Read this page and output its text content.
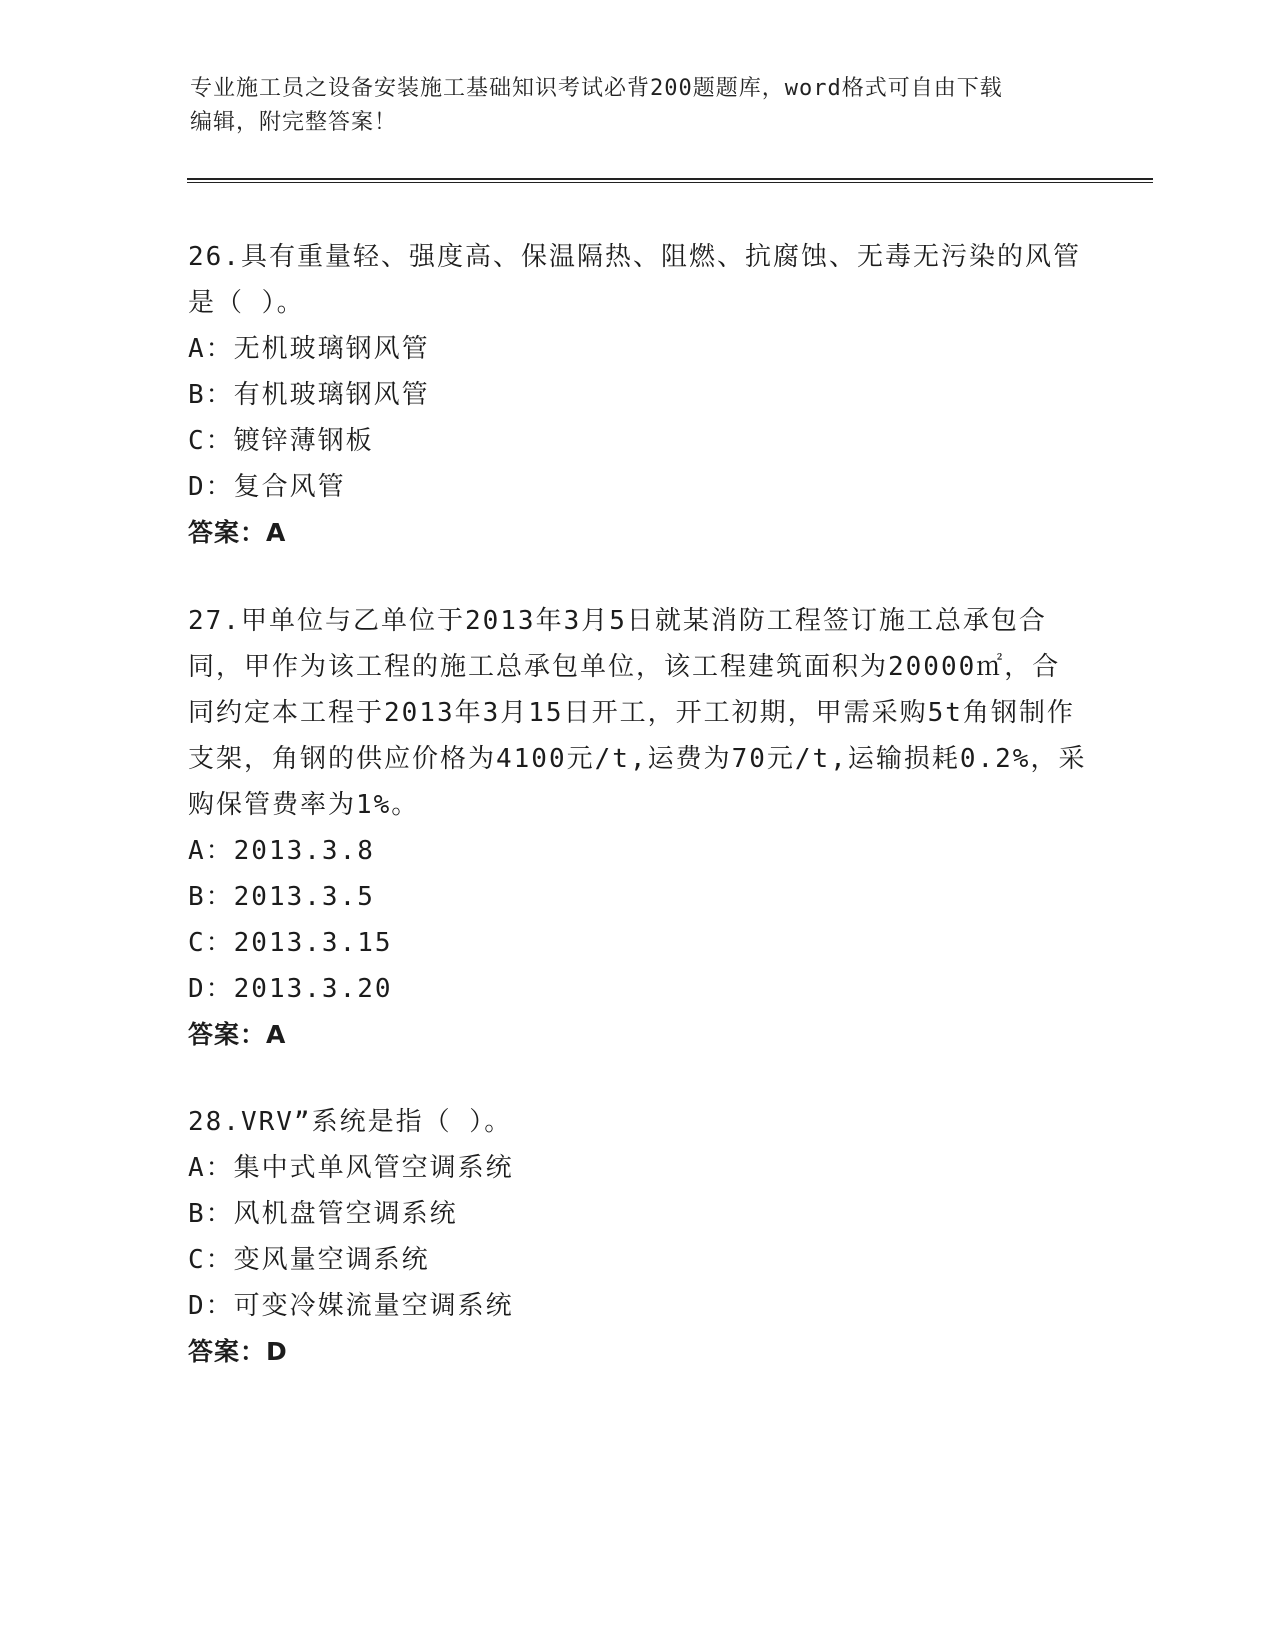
专业施工员之设备安装施工基础知识考试必背200题题库，word格式可自由下载
编辑，附完整答案！
26.具有重量轻、强度高、保温隔热、阻燃、抗腐蚀、无毒无污染的风管是（ ）。
A：无机玻璃钢风管
B：有机玻璃钢风管
C：镀锌薄钢板
D：复合风管
答案：A
27.甲单位与乙单位于2013年3月5日就某消防工程签订施工总承包合同，甲作为该工程的施工总承包单位，该工程建筑面积为20000㎡，合同约定本工程于2013年3月15日开工，开工初期，甲需采购5t角钢制作支架，角钢的供应价格为4100元/t,运费为70元/t,运输损耗0.2%，采购保管费率为1%。
A：2013.3.8
B：2013.3.5
C：2013.3.15
D：2013.3.20
答案：A
28.VRV”系统是指（ ）。
A：集中式单风管空调系统
B：风机盘管空调系统
C：变风量空调系统
D：可变冷媒流量空调系统
答案：D
